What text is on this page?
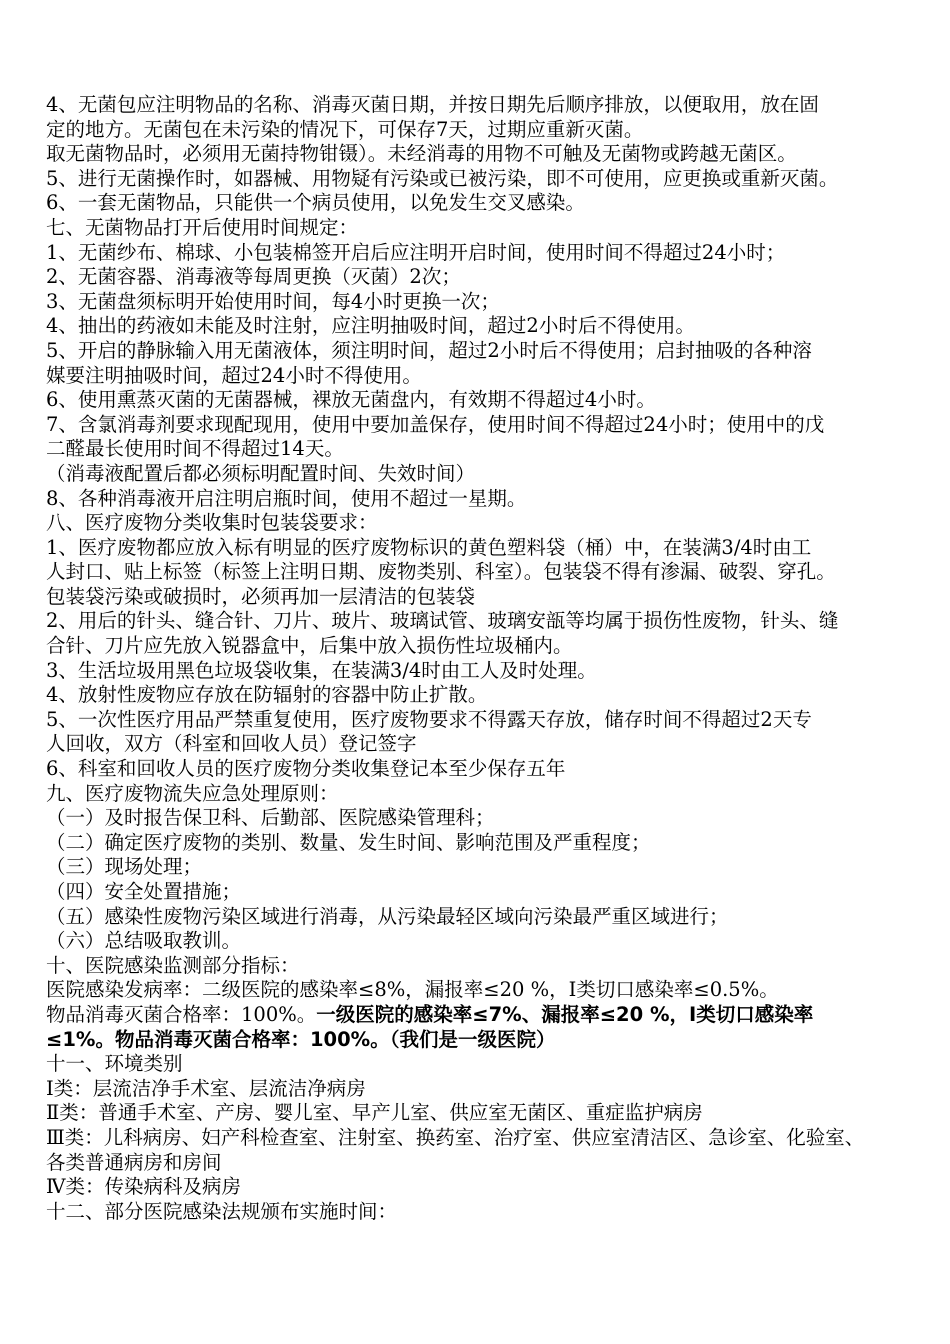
4、无菌包应注明物品的名称、消毒灭菌日期，并按日期先后顺序排放，以便取用，放在固
定的地方。无菌包在未污染的情况下，可保存7天，过期应重新灭菌。
取无菌物品时，必须用无菌持物钳镊）。未经消毒的用物不可触及无菌物或跨越无菌区。
5、进行无菌操作时，如器械、用物疑有污染或已被污染，即不可使用，应更换或重新灭菌。
6、一套无菌物品，只能供一个病员使用，以免发生交叉感染。
七、无菌物品打开后使用时间规定：
1、无菌纱布、棉球、小包装棉签开启后应注明开启时间，使用时间不得超过24小时；
2、无菌容器、消毒液等每周更换（灭菌）2次；
3、无菌盘须标明开始使用时间，每4小时更换一次；
4、抽出的药液如未能及时注射，应注明抽吸时间，超过2小时后不得使用。
5、开启的静脉输入用无菌液体，须注明时间，超过2小时后不得使用；启封抽吸的各种溶
媒要注明抽吸时间，超过24小时不得使用。
6、使用熏蒸灭菌的无菌器械，裸放无菌盘内，有效期不得超过4小时。
7、含氯消毒剂要求现配现用，使用中要加盖保存，使用时间不得超过24小时；使用中的戊
二醛最长使用时间不得超过14天。
（消毒液配置后都必须标明配置时间、失效时间）
8、各种消毒液开启注明启瓶时间，使用不超过一星期。
八、医疗废物分类收集时包装袋要求：
1、医疗废物都应放入标有明显的医疗废物标识的黄色塑料袋（桶）中，在装满3/4时由工
人封口、贴上标签（标签上注明日期、废物类别、科室）。包装袋不得有渗漏、破裂、穿孔。
包装袋污染或破损时，必须再加一层清洁的包装袋
2、用后的针头、缝合针、刀片、玻片、玻璃试管、玻璃安瓿等均属于损伤性废物，针头、缝
合针、刀片应先放入锐器盒中，后集中放入损伤性垃圾桶内。
3、生活垃圾用黑色垃圾袋收集，在装满3/4时由工人及时处理。
4、放射性废物应存放在防辐射的容器中防止扩散。
5、一次性医疗用品严禁重复使用，医疗废物要求不得露天存放，储存时间不得超过2天专
人回收，双方（科室和回收人员）登记签字
6、科室和回收人员的医疗废物分类收集登记本至少保存五年
九、医疗废物流失应急处理原则：
（一）及时报告保卫科、后勤部、医院感染管理科；
（二）确定医疗废物的类别、数量、发生时间、影响范围及严重程度；
（三）现场处理；
（四）安全处置措施；
（五）感染性废物污染区域进行消毒，从污染最轻区域向污染最严重区域进行；
（六）总结吸取教训。
十、医院感染监测部分指标：
医院感染发病率：二级医院的感染率≤8%，漏报率≤20 %，Ⅰ类切口感染率≤0.5%。
物品消毒灭菌合格率：100%。一级医院的感染率≤7%、漏报率≤20 %，Ⅰ类切口感染率
≤1%。物品消毒灭菌合格率：100%。（我们是一级医院）
十一、环境类别
Ⅰ类：层流洁净手术室、层流洁净病房
Ⅱ类：普通手术室、产房、婴儿室、早产儿室、供应室无菌区、重症监护病房
Ⅲ类：儿科病房、妇产科检查室、注射室、换药室、治疗室、供应室清洁区、急诊室、化验室、
各类普通病房和房间
Ⅳ类：传染病科及病房
十二、部分医院感染法规颁布实施时间：
